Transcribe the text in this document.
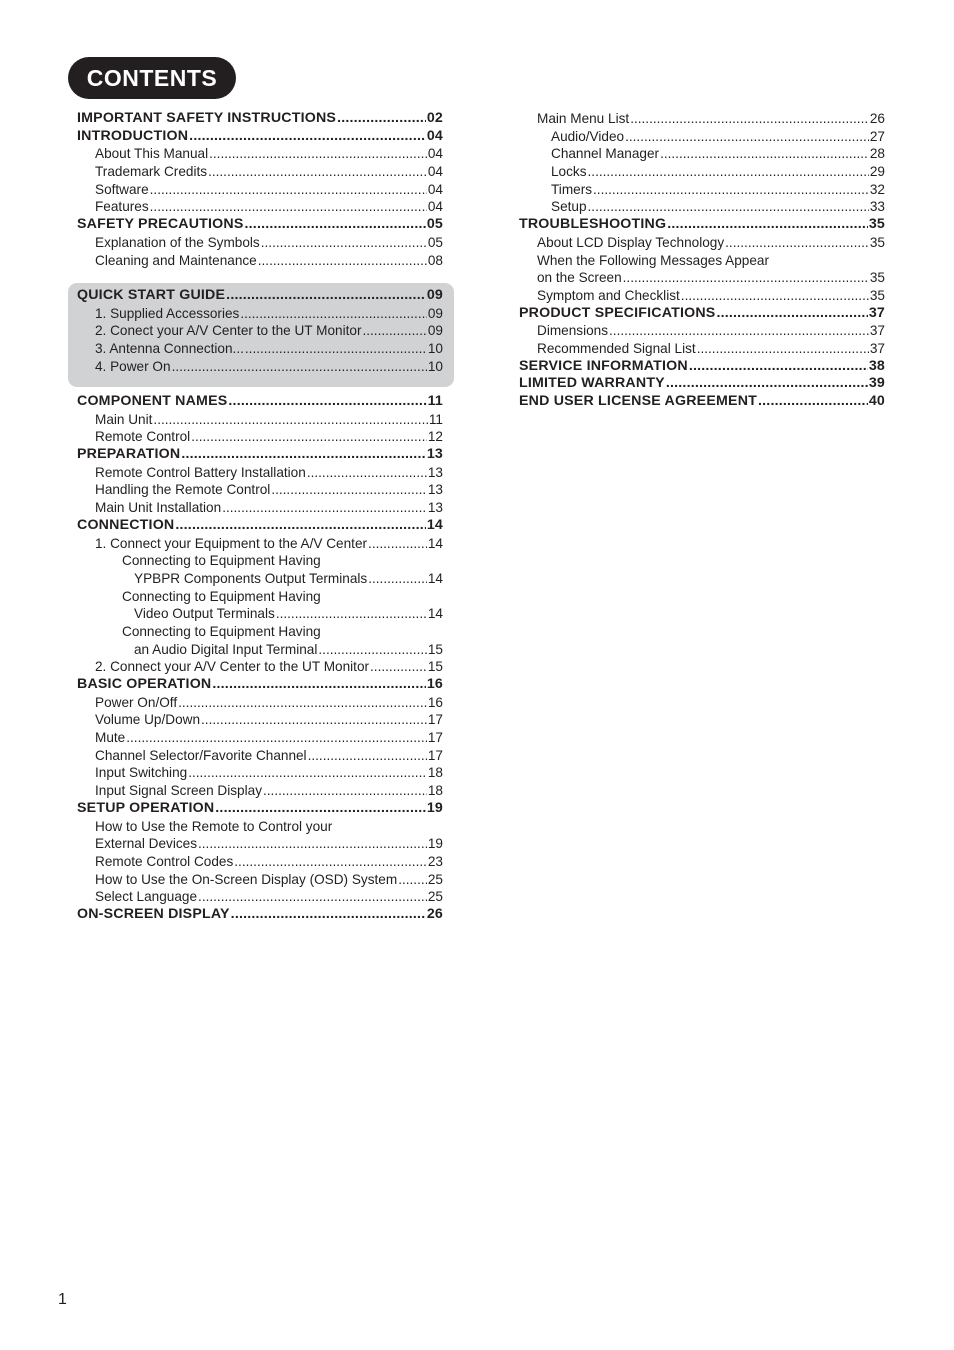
CONTENTS
IMPORTANT SAFETY INSTRUCTIONS .....	02
INTRODUCTION .....	04
About This Manual .....	04
Trademark Credits .....	04
Software .....	04
Features .....	04
SAFETY PRECAUTIONS .....	05
Explanation of the Symbols .....	05
Cleaning and Maintenance .....	08
QUICK START GUIDE .....	09
1. Supplied Accessories .....	09
2. Conect your A/V Center to the UT Monitor .....	09
3. Antenna Connection... .....	10
4. Power On .....	10
COMPONENT NAMES .....	11
Main Unit .....	11
Remote Control .....	12
PREPARATION .....	13
Remote Control Battery Installation .....	13
Handling the Remote Control .....	13
Main Unit Installation .....	13
CONNECTION .....	14
1. Connect your Equipment to the A/V Center .....	14
Connecting to Equipment Having
YPBPR Components Output Terminals .....	14
Connecting to Equipment Having
Video Output Terminals .....	14
Connecting to Equipment Having
an Audio Digital Input Terminal .....	15
2. Connect your A/V Center to the UT Monitor .....	15
BASIC OPERATION .....	16
Power On/Off .....	16
Volume Up/Down .....	17
Mute .....	17
Channel Selector/Favorite Channel .....	17
Input Switching .....	18
Input Signal Screen Display .....	18
SETUP OPERATION .....	19
How to Use the Remote to Control your
External Devices .....	19
Remote Control Codes .....	23
How to Use the On-Screen Display (OSD) System ..... 25
Select Language .....	25
ON-SCREEN DISPLAY .....	26
Main Menu List .....	26
Audio/Video .....	27
Channel Manager .....	28
Locks .....	29
Timers .....	32
Setup .....	33
TROUBLESHOOTING .....	35
About LCD Display Technology .....	35
When the Following Messages Appear
on the Screen .....	35
Symptom and Checklist .....	35
PRODUCT SPECIFICATIONS .....	37
Dimensions .....	37
Recommended Signal List .....	37
SERVICE INFORMATION .....	38
LIMITED WARRANTY .....	39
END USER LICENSE AGREEMENT .....	40
1
